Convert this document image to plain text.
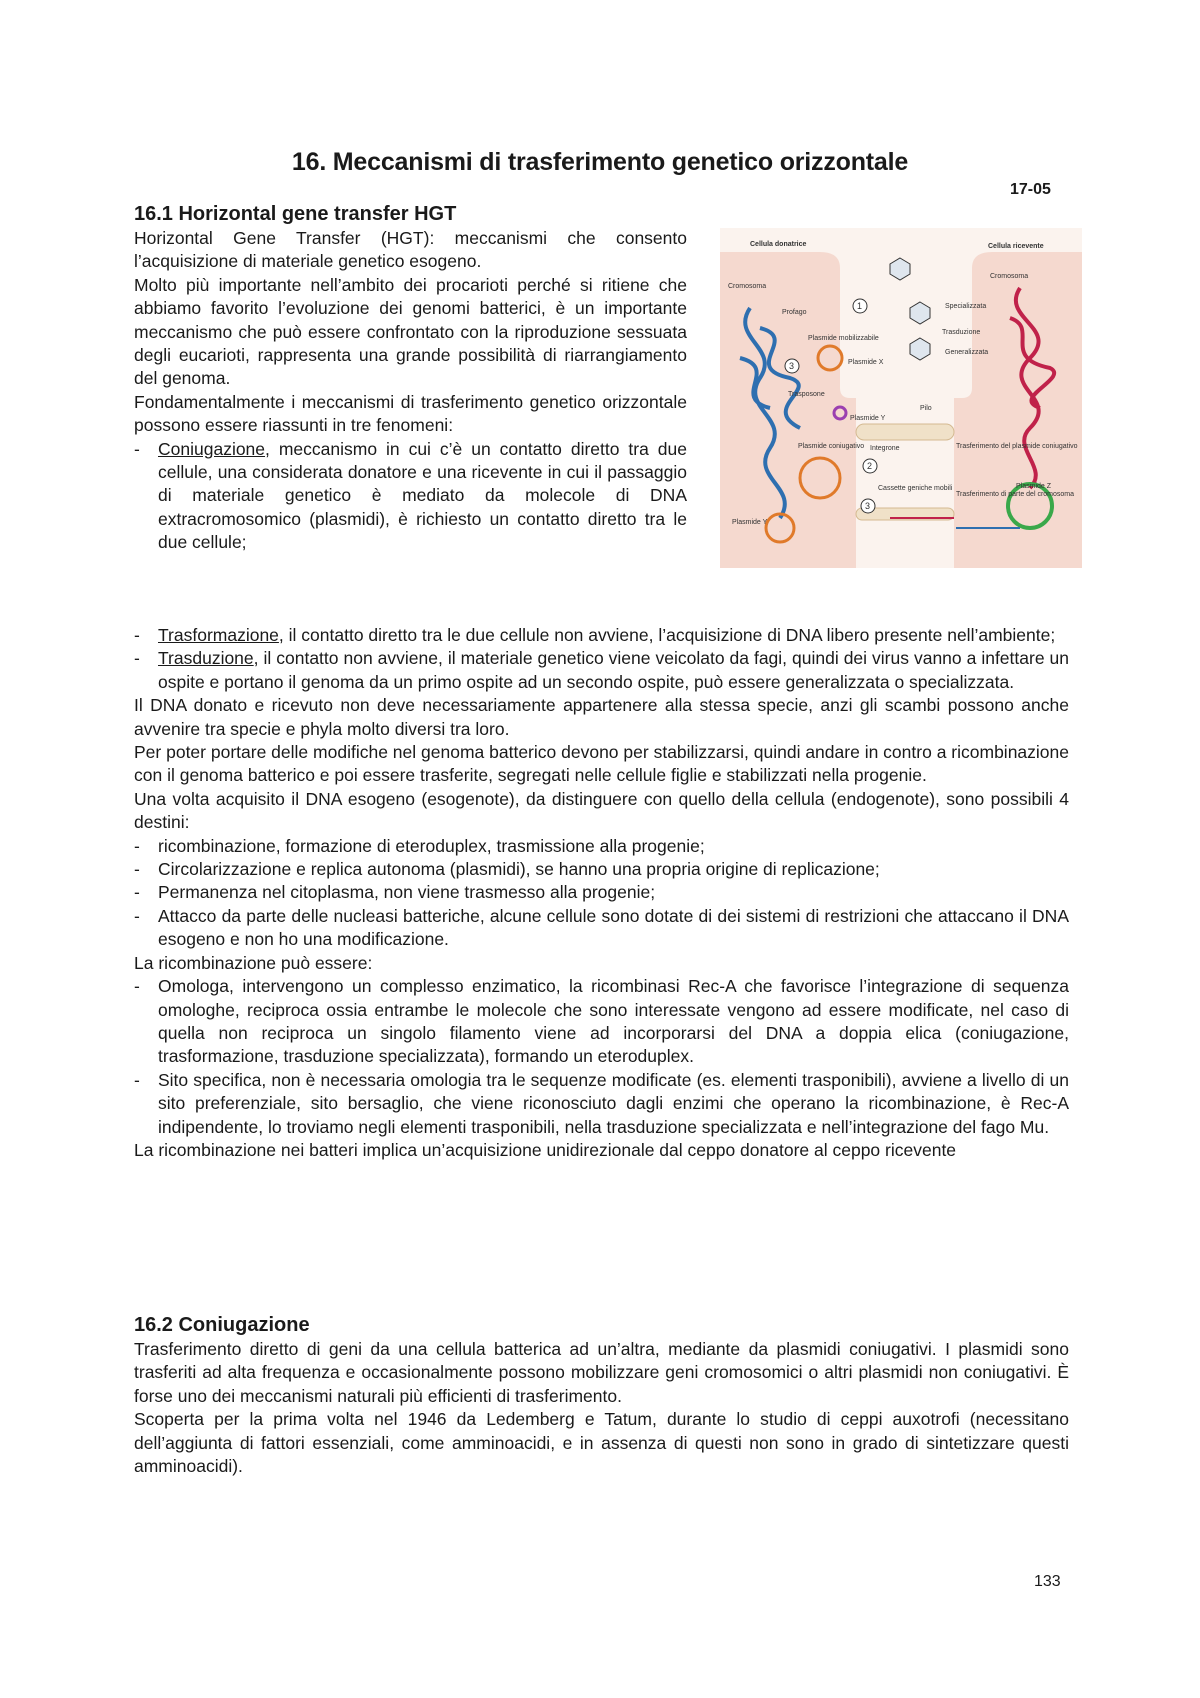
16. Meccanismi di trasferimento genetico orizzontale
17-05
16.1 Horizontal gene transfer HGT

Horizontal Gene Transfer (HGT): meccanismi che consento l’acquisizione di materiale genetico esogeno.

Molto più importante nell’ambito dei procarioti perché si ritiene che abbiamo favorito l’evoluzione dei genomi batterici, è un importante meccanismo che può essere confrontato con la riproduzione sessuata degli eucarioti, rappresenta una grande possibilità di riarrangiamento del genoma.

Fondamentalmente i meccanismi di trasferimento genetico orizzontale possono essere riassunti in tre fenomeni:

- Coniugazione, meccanismo in cui c’è un contatto diretto tra due cellule, una considerata donatore e una ricevente in cui il passaggio di materiale genetico è mediato da molecole di DNA extracromosomico (plasmidi), è richiesto un contatto diretto tra le due cellule;
- Trasformazione, il contatto diretto tra le due cellule non avviene, l’acquisizione di DNA libero presente nell’ambiente;
- Trasduzione, il contatto non avviene, il materiale genetico viene veicolato da fagi, quindi dei virus vanno a infettare un ospite e portano il genoma da un primo ospite ad un secondo ospite, può essere generalizzata o specializzata.

Il DNA donato e ricevuto non deve necessariamente appartenere alla stessa specie, anzi gli scambi possono anche avvenire tra specie e phyla molto diversi tra loro.

Per poter portare delle modifiche nel genoma batterico devono per stabilizzarsi, quindi andare in contro a ricombinazione con il genoma batterico e poi essere trasferite, segregati nelle cellule figlie e stabilizzati nella progenie.

Una volta acquisito il DNA esogeno (esogenote), da distinguere con quello della cellula (endogenote), sono possibili 4 destini:

- ricombinazione, formazione di eteroduplex, trasmissione alla progenie;
- Circolarizzazione e replica autonoma (plasmidi), se hanno una propria origine di replicazione;
- Permanenza nel citoplasma, non viene trasmesso alla progenie;
- Attacco da parte delle nucleasi batteriche, alcune cellule sono dotate di dei sistemi di restrizioni che attaccano il DNA esogeno e non ho una modificazione.

La ricombinazione può essere:

- Omologa, intervengono un complesso enzimatico, la ricombinasi Rec-A che favorisce l’integrazione di sequenza omologhe, reciproca ossia entrambe le molecole che sono interessate vengono ad essere modificate, nel caso di quella non reciproca un singolo filamento viene ad incorporarsi del DNA a doppia elica (coniugazione, trasformazione, trasduzione specializzata), formando un eteroduplex.
- Sito specifica, non è necessaria omologia tra le sequenze modificate (es. elementi trasponibili), avviene a livello di un sito preferenziale, sito bersaglio, che viene riconosciuto dagli enzimi che operano la ricombinazione, è Rec-A indipendente, lo troviamo negli elementi trasponibili, nella trasduzione specializzata e nell’integrazione del fago Mu.

La ricombinazione nei batteri implica un’acquisizione unidirezionale dal ceppo donatore al ceppo ricevente

16.2 Coniugazione

Trasferimento diretto di geni da una cellula batterica ad un’altra, mediante da plasmidi coniugativi. I plasmidi sono trasferiti ad alta frequenza e occasionalmente possono mobilizzare geni cromosomici o altri plasmidi non coniugativi. È forse uno dei meccanismi naturali più efficienti di trasferimento.

Scoperta per la prima volta nel 1946 da Ledemberg e Tatum, durante lo studio di ceppi auxotrofi (necessitano dell’aggiunta di fattori essenziali, come amminoacidi, e in assenza di questi non sono in grado di sintetizzare questi amminoacidi).

1
2
3
3
Cellula donatrice	Cellula ricevente
Cromosoma
Cromosoma
Profago
Specializzata
Trasduzione
Generalizzata
Plasmide mobilizzabile
Plasmide X
Trasposone
Plasmide Y
Pilo
Integrone	Trasferimento del plasmide coniugativo
Plasmide coniugativo
Cassette geniche mobili
Trasferimento di parte del cromosoma
Plasmide Z
Plasmide Y
133
